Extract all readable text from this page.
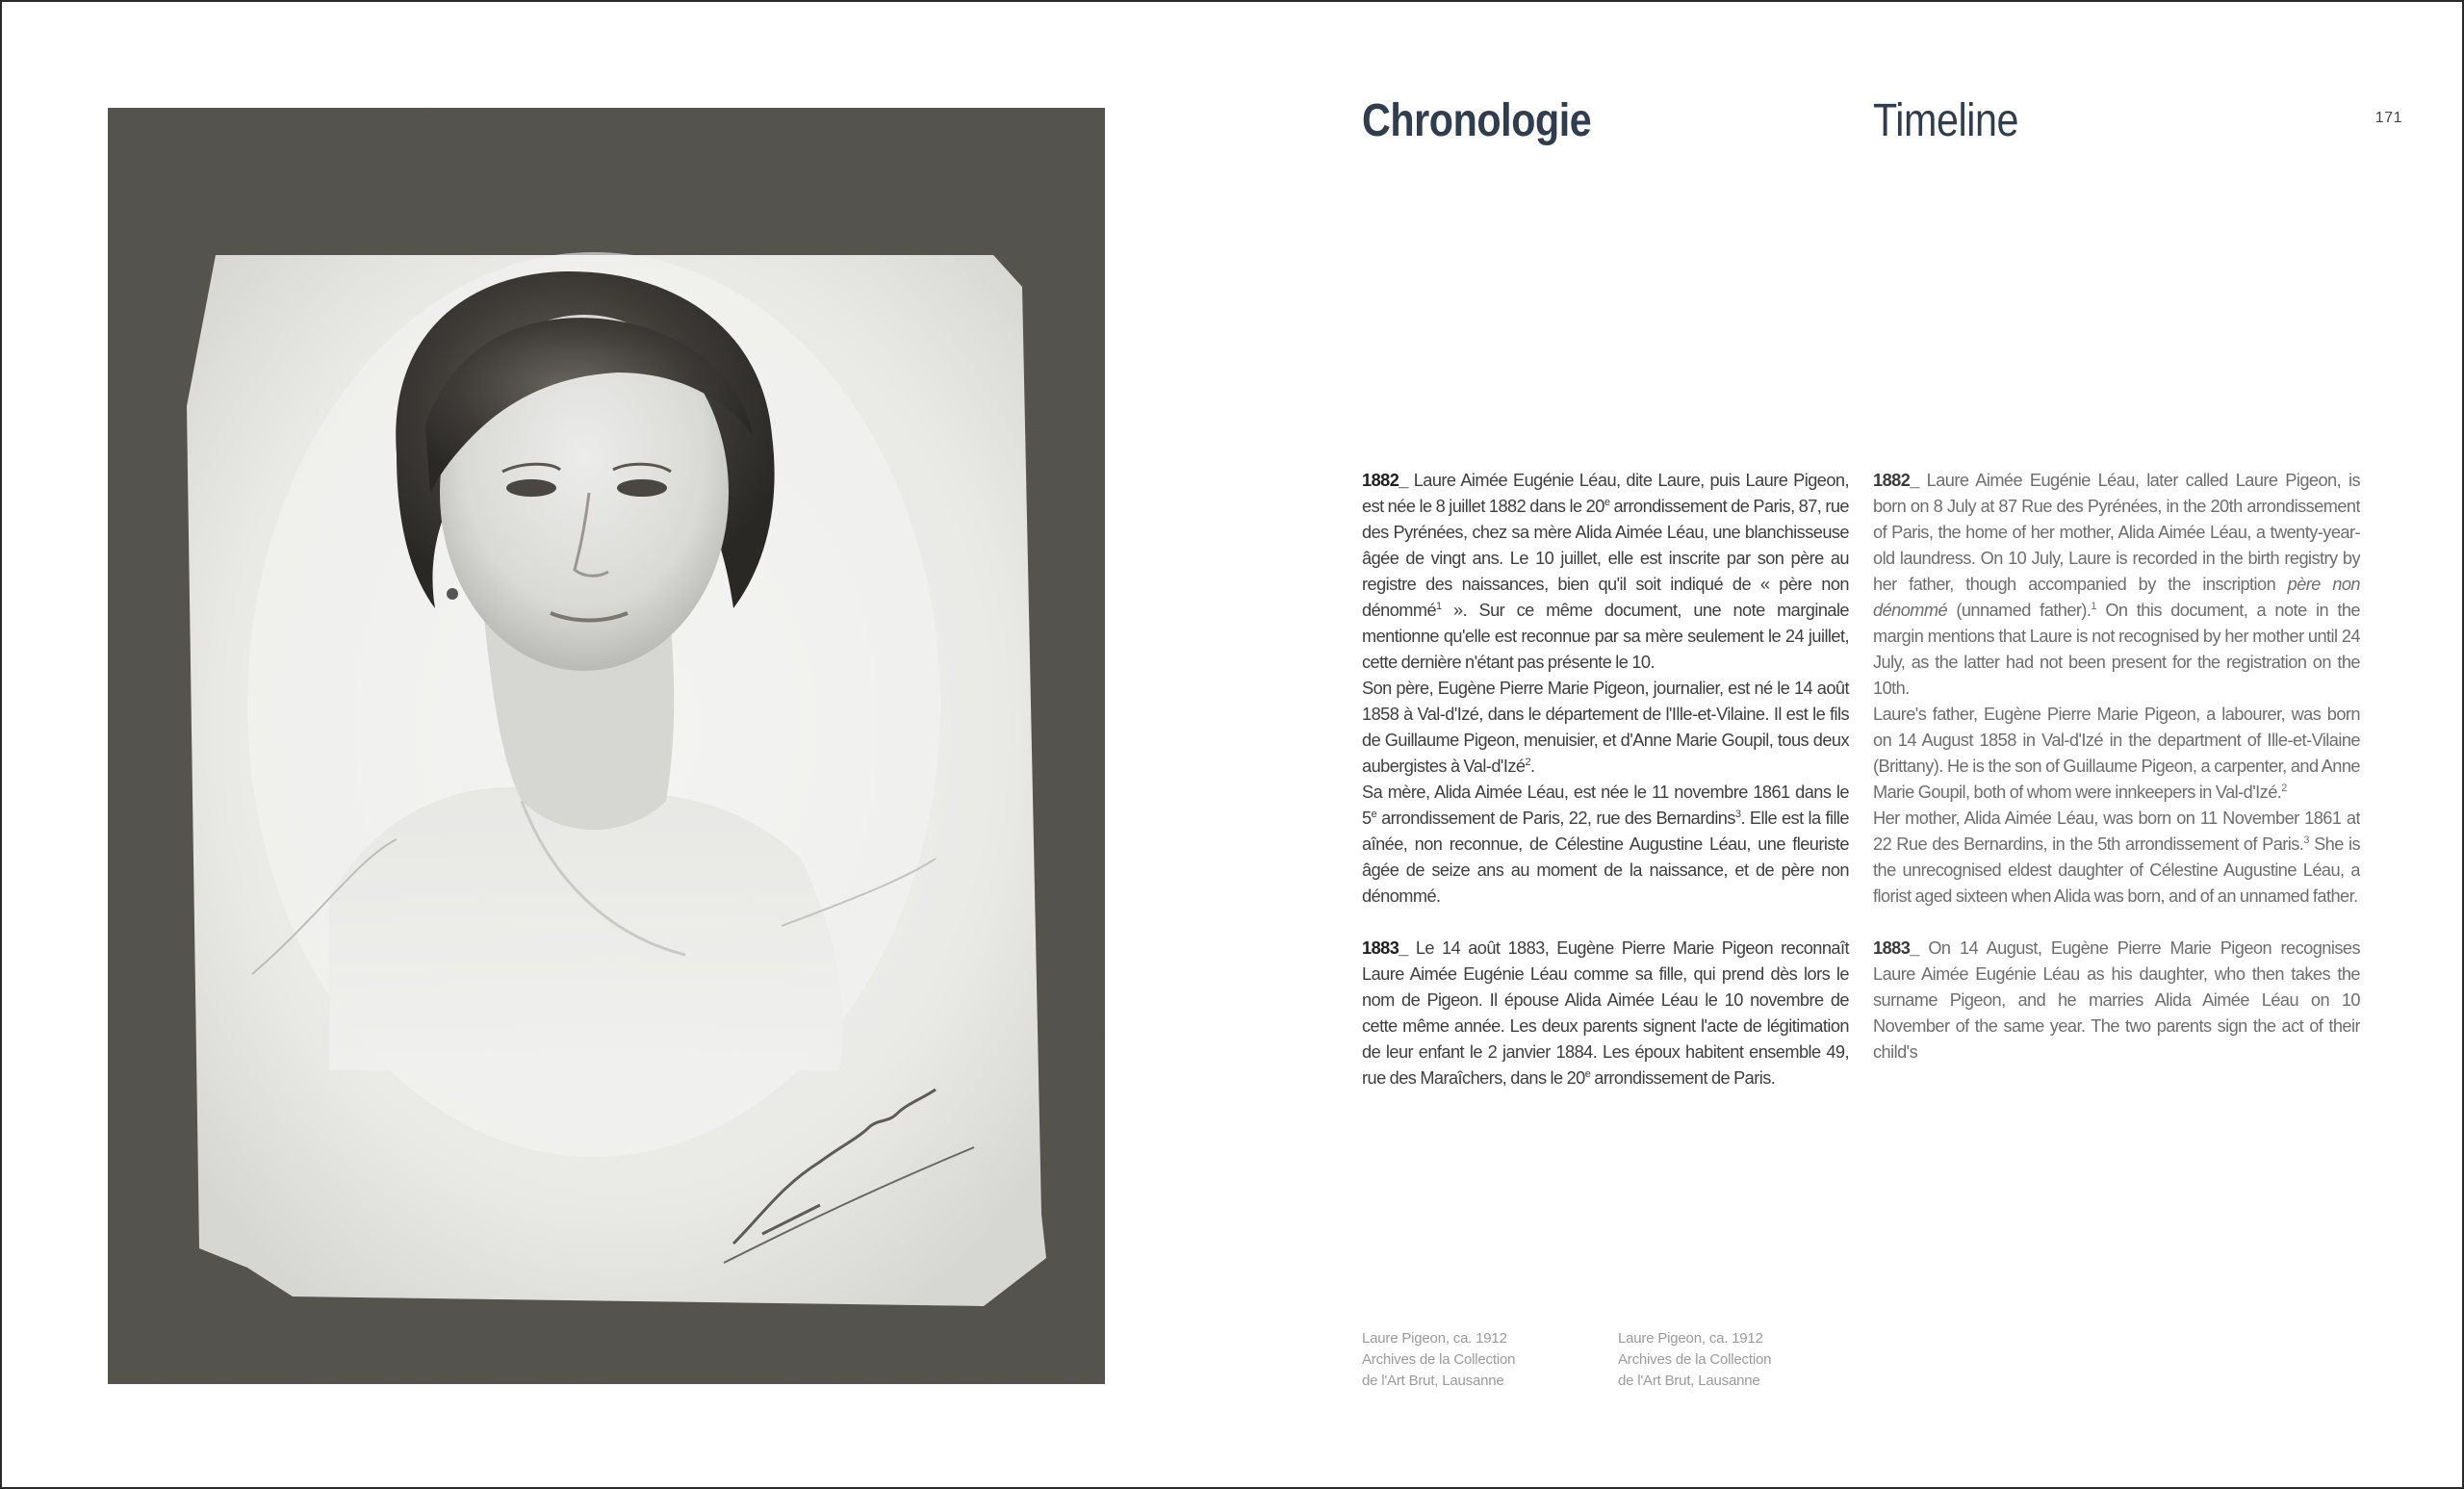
171
Chronologie	Timeline

1882_ Laure Aimée Eugénie Léau, dite Laure, puis Laure Pigeon, est née le 8 juillet 1882 dans le 20e arrondissement de Paris, 87, rue des Pyrénées, chez sa mère Alida Aimée Léau, une blanchisseuse âgée de vingt ans. Le 10 juillet, elle est inscrite par son père au registre des naissances, bien qu'il soit indiqué de « père non dénommé$^1$ ». Sur ce même document, une note marginale mentionne qu'elle est reconnue par sa mère seulement le 24 juillet, cette dernière n'étant pas présente le 10.

Son père, Eugène Pierre Marie Pigeon, journalier, est né le 14 août 1858 à Val-d'Izé, dans le département de l'Ille-et-Vilaine. Il est le fils de Guillaume Pigeon, menuisier, et d'Anne Marie Goupil, tous deux aubergistes à Val-d'Izé$^2$.

Sa mère, Alida Aimée Léau, est née le 11 novembre 1861 dans le 5e arrondissement de Paris, 22, rue des Bernardins$^3$. Elle est la fille aînée, non reconnue, de Célestine Augustine Léau, une fleuriste âgée de seize ans au moment de la naissance, et de père non dénommé.

1883_ Le 14 août 1883, Eugène Pierre Marie Pigeon reconnaît Laure Aimée Eugénie Léau comme sa fille, qui prend dès lors le nom de Pigeon. Il épouse Alida Aimée Léau le 10 novembre de cette même année. Les deux parents signent l'acte de légitimation de leur enfant le 2 janvier 1884. Les époux habitent ensemble 49, rue des Maraîchers, dans le 20e arrondissement de Paris.

1882_ Laure Aimée Eugénie Léau, later called Laure Pigeon, is born on 8 July at 87 Rue des Pyrénées, in the 20th arrondissement of Paris, the home of her mother, Alida Aimée Léau, a twenty-year-old laundress. On 10 July, Laure is recorded in the birth registry by her father, though accompanied by the inscription père non dénommé (unnamed father).$^1$ On this document, a note in the margin mentions that Laure is not recognised by her mother until 24 July, as the latter had not been present for the registration on the 10th.

Laure's father, Eugène Pierre Marie Pigeon, a labourer, was born on 14 August 1858 in Val-d'Izé in the department of Ille-et-Vilaine (Brittany). He is the son of Guillaume Pigeon, a carpenter, and Anne Marie Goupil, both of whom were innkeepers in Val-d'Izé.$^2$

Her mother, Alida Aimée Léau, was born on 11 November 1861 at 22 Rue des Bernardins, in the 5th arrondissement of Paris.$^3$ She is the unrecognised eldest daughter of Célestine Augustine Léau, a florist aged sixteen when Alida was born, and of an unnamed father.

1883_ On 14 August, Eugène Pierre Marie Pigeon recognises Laure Aimée Eugénie Léau as his daughter, who then takes the surname Pigeon, and he marries Alida Aimée Léau on 10 November of the same year. The two parents sign the act of their child's

Laure Pigeon, ca. 1912
Archives de la Collection
de l'Art Brut, Lausanne
Laure Pigeon, ca. 1912
Archives de la Collection
de l'Art Brut, Lausanne
